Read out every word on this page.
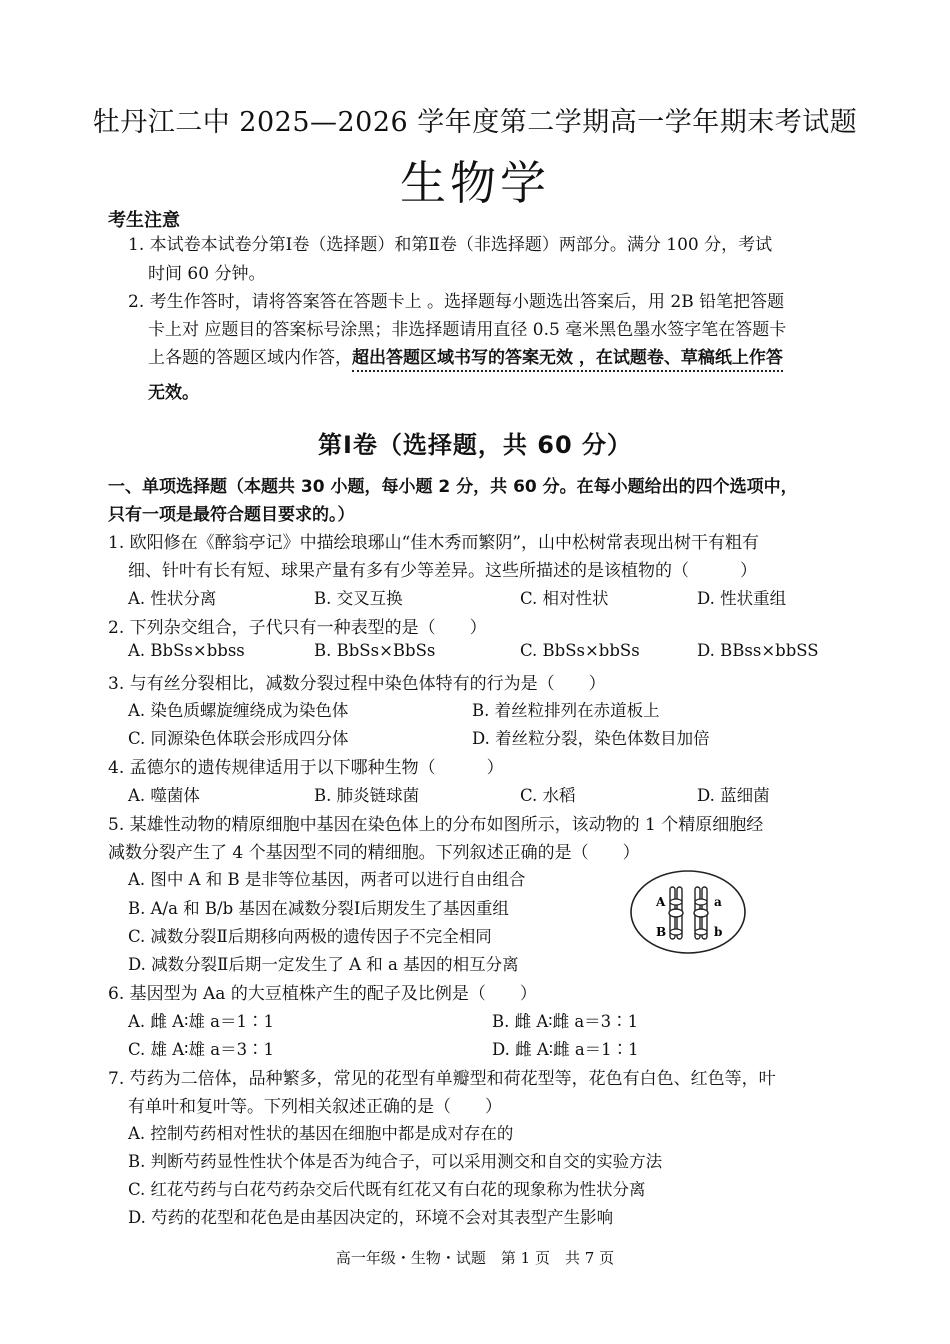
牡丹江二中 2025—2026 学年度第二学期高一学年期末考试题
生物学
考生注意
1. 本试卷本试卷分第Ⅰ卷（选择题）和第Ⅱ卷（非选择题）两部分。满分 100 分，考试
时间 60 分钟。
2. 考生作答时，请将答案答在答题卡上 。选择题每小题选出答案后，用 2B 铅笔把答题
卡上对 应题目的答案标号涂黑；非选择题请用直径 0.5 毫米黑色墨水签字笔在答题卡
上各题的答题区域内作答，超出答题区域书写的答案无效 ，在试题卷、草稿纸上作答
无效。
第Ⅰ卷（选择题，共 60 分）
一、单项选择题（本题共 30 小题，每小题 2 分，共 60 分。在每小题给出的四个选项中，
只有一项是最符合题目要求的。）
1. 欧阳修在《醉翁亭记》中描绘琅琊山“佳木秀而繁阴”，山中松树常表现出树干有粗有
细、针叶有长有短、球果产量有多有少等差异。这些所描述的是该植物的（　　　）
A. 性状分离	B. 交叉互换	C. 相对性状	D. 性状重组
2. 下列杂交组合，子代只有一种表型的是（　　）
A. BbSs×bbss	B. BbSs×BbSs	C. BbSs×bbSs	D. BBss×bbSS
3. 与有丝分裂相比，减数分裂过程中染色体特有的行为是（　　）
A. 染色质螺旋缠绕成为染色体	B. 着丝粒排列在赤道板上
C. 同源染色体联会形成四分体	D. 着丝粒分裂，染色体数目加倍
4. 孟德尔的遗传规律适用于以下哪种生物（　　　）
A. 噬菌体	B. 肺炎链球菌	C. 水稻	D. 蓝细菌
5. 某雄性动物的精原细胞中基因在染色体上的分布如图所示，该动物的 1 个精原细胞经
减数分裂产生了 4 个基因型不同的精细胞。下列叙述正确的是（　　）
A. 图中 A 和 B 是非等位基因，两者可以进行自由组合
B. A/a 和 B/b 基因在减数分裂Ⅰ后期发生了基因重组
C. 减数分裂Ⅱ后期移向两极的遗传因子不完全相同
D. 减数分裂Ⅱ后期一定发生了 A 和 a 基因的相互分离
A	a
B	b
6. 基因型为 Aa 的大豆植株产生的配子及比例是（　　）
A. 雌 A∶雄 a＝1∶1	B. 雌 A∶雌 a＝3∶1
C. 雄 A∶雄 a＝3∶1	D. 雌 A∶雌 a＝1∶1
7. 芍药为二倍体，品种繁多，常见的花型有单瓣型和荷花型等，花色有白色、红色等，叶
有单叶和复叶等。下列相关叙述正确的是（　　）
A. 控制芍药相对性状的基因在细胞中都是成对存在的
B. 判断芍药显性性状个体是否为纯合子，可以采用测交和自交的实验方法
C. 红花芍药与白花芍药杂交后代既有红花又有白花的现象称为性状分离
D. 芍药的花型和花色是由基因决定的，环境不会对其表型产生影响
高一年级・生物・试题　第 1 页　共 7 页
